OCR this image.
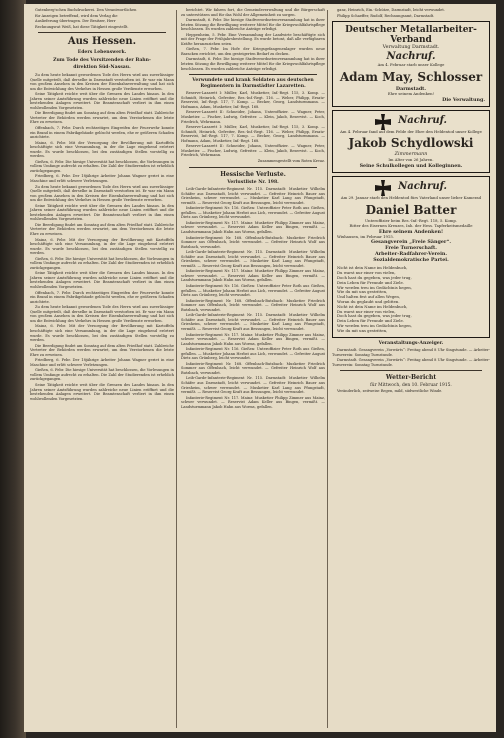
Gutenberg'schen Buchdruckerei. Den Verantwortlichen
für Anzeigen betreffend, wird dem Verlag die
Auslieferung übertragen. Der Besitzer, Herr
Rechnungsrat Weiß, hat diese Tätigkeit eingestellt.
Aus Hessen.
Eders Lebenswerk.
Zum Tode des Vorsitzenden der Bahn-
direktion Süd-Nassau.
Zu dem heute bekannt gewordenen Tode des Herrn wird aus zuverlässiger Quelle mitgeteilt, daß derselbe in Darmstadt verstorben ist. Er war ein Mann von großem Ansehen in den Kreisen der Eisenbahnverwaltung und hat sich um die Entwicklung des Verkehrs in Hessen große Verdienste erworben.
Seine Tätigkeit reichte weit über die Grenzen des Landes hinaus. In den Jahren seiner Amtsführung wurden zahlreiche neue Linien eröffnet und die bestehenden Anlagen erweitert. Die Beamtenschaft verliert in ihm einen wohlwollenden Vorgesetzten.
Die Beerdigung findet am Sonntag auf dem alten Friedhof statt. Zahlreiche Vertreter der Behörden werden erwartet, um dem Verstorbenen die letzte Ehre zu erweisen.
Offenbach, 7. Febr. Durch rechtzeitiges Eingreifen der Feuerwehr konnte ein Brand in einem Fabrikgebäude gelöscht werden, ehe er größeren Schaden anrichtete.
Mainz, 6. Febr. Mit der Versorgung der Bevölkerung mit Kartoffeln beschäftigte sich eine Versammlung, in der die Lage eingehend erörtert wurde. Es wurde beschlossen, bei den zuständigen Stellen vorstellig zu werden.
Gießen, 6. Febr. Die hiesige Universität hat beschlossen, die Vorlesungen in vollem Umfange aufrecht zu erhalten. Die Zahl der Studierenden ist erheblich zurückgegangen.
Friedberg, 6. Febr. Der 18jährige Arbeiter Johann Wagner geriet in eine Maschine und erlitt schwere Verletzungen.
Zu dem heute bekannt gewordenen Tode des Herrn wird aus zuverlässiger Quelle mitgeteilt, daß derselbe in Darmstadt verstorben ist. Er war ein Mann von großem Ansehen in den Kreisen der Eisenbahnverwaltung und hat sich um die Entwicklung des Verkehrs in Hessen große Verdienste erworben.
Seine Tätigkeit reichte weit über die Grenzen des Landes hinaus. In den Jahren seiner Amtsführung wurden zahlreiche neue Linien eröffnet und die bestehenden Anlagen erweitert. Die Beamtenschaft verliert in ihm einen wohlwollenden Vorgesetzten.
Die Beerdigung findet am Sonntag auf dem alten Friedhof statt. Zahlreiche Vertreter der Behörden werden erwartet, um dem Verstorbenen die letzte Ehre zu erweisen.
Mainz, 6. Febr. Mit der Versorgung der Bevölkerung mit Kartoffeln beschäftigte sich eine Versammlung, in der die Lage eingehend erörtert wurde. Es wurde beschlossen, bei den zuständigen Stellen vorstellig zu werden.
Gießen, 6. Febr. Die hiesige Universität hat beschlossen, die Vorlesungen in vollem Umfange aufrecht zu erhalten. Die Zahl der Studierenden ist erheblich zurückgegangen.
Seine Tätigkeit reichte weit über die Grenzen des Landes hinaus. In den Jahren seiner Amtsführung wurden zahlreiche neue Linien eröffnet und die bestehenden Anlagen erweitert. Die Beamtenschaft verliert in ihm einen wohlwollenden Vorgesetzten.
Offenbach, 7. Febr. Durch rechtzeitiges Eingreifen der Feuerwehr konnte ein Brand in einem Fabrikgebäude gelöscht werden, ehe er größeren Schaden anrichtete.
Zu dem heute bekannt gewordenen Tode des Herrn wird aus zuverlässiger Quelle mitgeteilt, daß derselbe in Darmstadt verstorben ist. Er war ein Mann von großem Ansehen in den Kreisen der Eisenbahnverwaltung und hat sich um die Entwicklung des Verkehrs in Hessen große Verdienste erworben.
Mainz, 6. Febr. Mit der Versorgung der Bevölkerung mit Kartoffeln beschäftigte sich eine Versammlung, in der die Lage eingehend erörtert wurde. Es wurde beschlossen, bei den zuständigen Stellen vorstellig zu werden.
Die Beerdigung findet am Sonntag auf dem alten Friedhof statt. Zahlreiche Vertreter der Behörden werden erwartet, um dem Verstorbenen die letzte Ehre zu erweisen.
Friedberg, 6. Febr. Der 18jährige Arbeiter Johann Wagner geriet in eine Maschine und erlitt schwere Verletzungen.
Gießen, 6. Febr. Die hiesige Universität hat beschlossen, die Vorlesungen in vollem Umfange aufrecht zu erhalten. Die Zahl der Studierenden ist erheblich zurückgegangen.
Seine Tätigkeit reichte weit über die Grenzen des Landes hinaus. In den Jahren seiner Amtsführung wurden zahlreiche neue Linien eröffnet und die bestehenden Anlagen erweitert. Die Beamtenschaft verliert in ihm einen wohlwollenden Vorgesetzten.
berichtet. Wir fahren fort, die Gemeindeverwaltung und die Bürgerschaft zu unterstützen und für das Wohl der Allgemeinheit zu sorgen.
Darmstadt, 6. Febr. Die hiesige Stadtverordnetenversammlung hat in ihrer letzten Sitzung die Bewilligung weiterer Mittel für die Kriegswohlfahrtspflege beschlossen. Es wurden zahlreiche Anträge erledigt.
Heppenheim, 5. Febr. Eine Versammlung der Landwirte beschäftigte sich mit der Frage der Frühjahrsbestellung. Es wurde betont, daß alle verfügbaren Kräfte heranzuziehen seien.
Gießen, 7. Febr. Im Hofe der Kriegsgefangenenlager wurden neue Baracken errichtet, um den gesteigerten Bedarf zu decken.
Darmstadt, 6. Febr. Die hiesige Stadtverordnetenversammlung hat in ihrer letzten Sitzung die Bewilligung weiterer Mittel für die Kriegswohlfahrtspflege beschlossen. Es wurden zahlreiche Anträge erledigt.
Verwundete und krank Soldaten aus deutschen Regimentern in Darmstädter Lazaretten.
Reserve-Lazarett I: Müller, Karl, Musketier, Inf.-Regt. 115, 3. Komp. — Schmidt, Heinrich, Gefreiter, Res.-Inf.-Regt. 116. — Weber, Philipp, Ersatz-Reservist, Inf.-Regt. 117, 7. Komp. — Becker, Georg, Landsturmmann. — Hofmann, Adam, Musketier, Inf.-Regt. 168.
Reserve-Lazarett II: Schneider, Johann, Unteroffizier. — Wagner, Peter, Musketier. — Fischer, Ludwig, Gefreiter. — Klein, Jakob, Reservist. — Koch, Friedrich, Wehrmann.
Reserve-Lazarett I: Müller, Karl, Musketier, Inf.-Regt. 115, 3. Komp. — Schmidt, Heinrich, Gefreiter, Res.-Inf.-Regt. 116. — Weber, Philipp, Ersatz-Reservist, Inf.-Regt. 117, 7. Komp. — Becker, Georg, Landsturmmann. — Hofmann, Adam, Musketier, Inf.-Regt. 168.
Reserve-Lazarett II: Schneider, Johann, Unteroffizier. — Wagner, Peter, Musketier. — Fischer, Ludwig, Gefreiter. — Klein, Jakob, Reservist. — Koch, Friedrich, Wehrmann.
Zusammengestellt vom Roten Kreuz.
Hessische Verluste.
Verlustliste Nr. 198.
Leib-Garde-Infanterie-Regiment Nr. 115. Darmstadt: Musketier Wilhelm Schäfer aus Darmstadt, leicht verwundet. — Gefreiter Heinrich Bauer aus Griesheim, schwer verwundet. — Musketier Karl Lang aus Pfungstadt, vermißt. — Reservist Georg Kraft aus Bessungen, leicht verwundet.
Infanterie-Regiment Nr. 116. Gießen: Unteroffizier Peter Roth aus Gießen, gefallen. — Musketier Johann Herbst aus Lich, verwundet. — Gefreiter August Dietz aus Grünberg, leicht verwundet.
Infanterie-Regiment Nr. 117. Mainz: Musketier Philipp Zimmer aus Mainz, schwer verwundet. — Reservist Adam Keller aus Bingen, vermißt. — Landsturmmann Jakob Hahn aus Worms, gefallen.
Infanterie-Regiment Nr. 168. Offenbach-Butzbach: Musketier Friedrich Sommer aus Offenbach, leicht verwundet. — Gefreiter Heinrich Wolf aus Butzbach, verwundet.
Leib-Garde-Infanterie-Regiment Nr. 115. Darmstadt: Musketier Wilhelm Schäfer aus Darmstadt, leicht verwundet. — Gefreiter Heinrich Bauer aus Griesheim, schwer verwundet. — Musketier Karl Lang aus Pfungstadt, vermißt. — Reservist Georg Kraft aus Bessungen, leicht verwundet.
Infanterie-Regiment Nr. 117. Mainz: Musketier Philipp Zimmer aus Mainz, schwer verwundet. — Reservist Adam Keller aus Bingen, vermißt. — Landsturmmann Jakob Hahn aus Worms, gefallen.
Infanterie-Regiment Nr. 116. Gießen: Unteroffizier Peter Roth aus Gießen, gefallen. — Musketier Johann Herbst aus Lich, verwundet. — Gefreiter August Dietz aus Grünberg, leicht verwundet.
Infanterie-Regiment Nr. 168. Offenbach-Butzbach: Musketier Friedrich Sommer aus Offenbach, leicht verwundet. — Gefreiter Heinrich Wolf aus Butzbach, verwundet.
Leib-Garde-Infanterie-Regiment Nr. 115. Darmstadt: Musketier Wilhelm Schäfer aus Darmstadt, leicht verwundet. — Gefreiter Heinrich Bauer aus Griesheim, schwer verwundet. — Musketier Karl Lang aus Pfungstadt, vermißt. — Reservist Georg Kraft aus Bessungen, leicht verwundet.
Infanterie-Regiment Nr. 117. Mainz: Musketier Philipp Zimmer aus Mainz, schwer verwundet. — Reservist Adam Keller aus Bingen, vermißt. — Landsturmmann Jakob Hahn aus Worms, gefallen.
Infanterie-Regiment Nr. 116. Gießen: Unteroffizier Peter Roth aus Gießen, gefallen. — Musketier Johann Herbst aus Lich, verwundet. — Gefreiter August Dietz aus Grünberg, leicht verwundet.
Infanterie-Regiment Nr. 168. Offenbach-Butzbach: Musketier Friedrich Sommer aus Offenbach, leicht verwundet. — Gefreiter Heinrich Wolf aus Butzbach, verwundet.
Leib-Garde-Infanterie-Regiment Nr. 115. Darmstadt: Musketier Wilhelm Schäfer aus Darmstadt, leicht verwundet. — Gefreiter Heinrich Bauer aus Griesheim, schwer verwundet. — Musketier Karl Lang aus Pfungstadt, vermißt. — Reservist Georg Kraft aus Bessungen, leicht verwundet.
Infanterie-Regiment Nr. 117. Mainz: Musketier Philipp Zimmer aus Mainz, schwer verwundet. — Reservist Adam Keller aus Bingen, vermißt. — Landsturmmann Jakob Hahn aus Worms, gefallen.
ganz, Heinrich, Ein.-Schütze, Darmstadt, leicht verwundet.
Philipp Schaeffer, Rudolf, Rechnungsamt, Darmstadt.
Deutscher Metallarbeiter-Verband
Verwaltung Darmstadt.
Nachruf.
Am 4. Februar starb unser Kollege
Adam May, Schlosser
Darmstadt.
Ehre seinem Andenken!
Die Verwaltung.
Nachruf.
Am 4. Februar fand auf dem Felde der Ehre den Heldentod unser Kollege
Jakob Schydlowski
Zimmermann
Im Alter von 26 Jahren.
Seine Schulkollegen und Kolleginnen.
Nachruf.
Am 29. Januar starb den Heldentod fürs Vaterland unser lieber Kamerad
Daniel Batter
Unteroffizier beim Res.-Inf.-Regt. 118, 5. Komp.
Ritter des Eisernen Kreuzes, Inh. der Hess. Tapferkeitsmedaille
Ehre seinem Andenken!
Wixhausen, im Februar 1915.
Gesangverein „Freie Sänger“.
Freie Turnerschaft.
Arbeiter-Radfahrer-Verein.
Sozialdemokratische Partei.
Nicht ist dein Name im Heldenbuch,
Du warst nur einer von vielen,
Doch hast du gegeben, was jeder trug,
Dein Leben für Freunde und Ziele.
Wir werden treu im Gedächtnis hegen,
Wie du mit uns gestritten,
Und halten fest auf allen Wegen,
Woran du geglaubt und gelitten.
Nicht ist dein Name im Heldenbuch,
Du warst nur einer von vielen,
Doch hast du gegeben, was jeder trug,
Dein Leben für Freunde und Ziele.
Wir werden treu im Gedächtnis hegen,
Wie du mit uns gestritten,
Veranstaltungs-Anzeiger.
Darmstadt. Gesangverein „Vorwärts“: Freitag abend 8 Uhr Singstunde. — Arbeiter-Turnverein: Sonntag Turnstunde.
Darmstadt. Gesangverein „Vorwärts“: Freitag abend 8 Uhr Singstunde. — Arbeiter-Turnverein: Sonntag Turnstunde.
Wetter-Bericht
für Mittwoch, den 10. Februar 1915.
Veränderlich, zeitweise Regen, mild, südwestliche Winde.
